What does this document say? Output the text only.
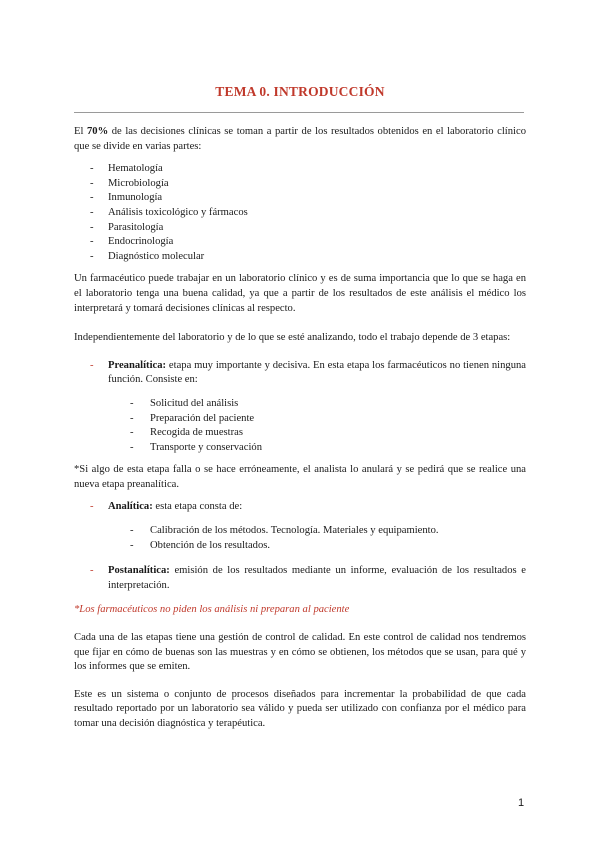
TEMA 0. INTRODUCCIÓN

El 70% de las decisiones clínicas se toman a partir de los resultados obtenidos en el laboratorio clínico que se divide en varias partes:

- Hematología
- Microbiología
- Inmunología
- Análisis toxicológico y fármacos
- Parasitología
- Endocrinología
- Diagnóstico molecular

Un farmacéutico puede trabajar en un laboratorio clínico y es de suma importancia que lo que se haga en el laboratorio tenga una buena calidad, ya que a partir de los resultados de este análisis el médico los interpretará y tomará decisiones clínicas al respecto.

Independientemente del laboratorio y de lo que se esté analizando, todo el trabajo depende de 3 etapas:

- Preanalítica: etapa muy importante y decisiva. En esta etapa los farmacéuticos no tienen ninguna función. Consiste en:
- Solicitud del análisis
- Preparación del paciente
- Recogida de muestras
- Transporte y conservación

*Si algo de esta etapa falla o se hace erróneamente, el analista lo anulará y se pedirá que se realice una nueva etapa preanalítica.

- Analítica: esta etapa consta de:
- Calibración de los métodos. Tecnología. Materiales y equipamiento.
- Obtención de los resultados.
- Postanalítica: emisión de los resultados mediante un informe, evaluación de los resultados e interpretación.

*Los farmacéuticos no piden los análisis ni preparan al paciente

Cada una de las etapas tiene una gestión de control de calidad. En este control de calidad nos tendremos que fijar en cómo de buenas son las muestras y en cómo se obtienen, los métodos que se usan, para qué y los informes que se emiten.

Este es un sistema o conjunto de procesos diseñados para incrementar la probabilidad de que cada resultado reportado por un laboratorio sea válido y pueda ser utilizado con confianza por el médico para tomar una decisión diagnóstica y terapéutica.

1
